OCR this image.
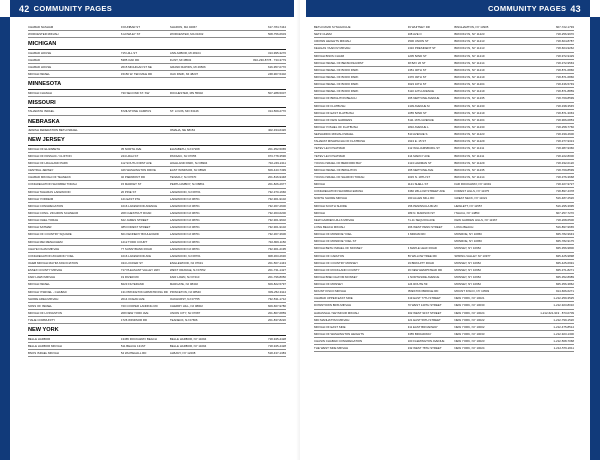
42 COMMUNITY PAGES
CHABAD NASHAM	9 DUNBAR ST	SHARON, MA 02067	617-784-7444
WORCESTER MIKVAH	6 HOWLEY ST	WORCESTER, MA 01602	508-756-6603
MICHIGAN
CHABAD HOUSE	715 HILL ST	ANN ARBOR, MI 48104	313-995-3276
CHABAD	5385 OAK RD	FLINT, MI 48532	810-230-8778 · 733-3779
CHABAD HOUSE	2615 MICHIGAN ST NE	GRAND RAPIDS, MI 49506	616-957-0770
MIKVAH ISRAEL	15150 W. TEN MILE RD	OAK PARK, MI 48237	248-967-5402
MINNESOTA
MIKVAH CHANAH	730 SECOND ST. SW	ROCHESTER, MN 55902	507-288-5007
MISSOURI
TAHARATH ISRAEL	8 MILSTONE CAMPUS	ST. LOUIS, MO 63146	314-569-2770
NEBRASKA
JEWISH FEDERATION BETH ISRAEL	OMAHA, NE 68154	402-334-6426
NEW JERSEY
MIKVAH OF ELIZABETH	35 NORTH AVE	ELIZABETH, NJ 07208	201-352-5065
MIKVAH OF PASSAIC / CLIFTON	244 HIGH ST	PASSAIC, NJ 07055	973-778-3596
MIKVAH OF HIGHLAND PARK	112 SOUTH FIRST AVE	HIGHLAND PARK, NJ 08904	732-249-2411
CENTRAL JERSEY	426 WASHINGTON DRIVE	EAST WINDSOR, NJ 08520	609-443-7499
CHABAD MIKVAH OF TEANECK	40 PIERMONT RD	TENAFLY, NJ 07670	201-816-9448
CONGREGATION SHOMREI TORAH	15 MARKET ST	PERTH AMBOY, NJ 08861	201-826-2977
MIKVAH TAHARAS LAKEWOOD	20 PINE ST	LAKEWOOD, NJ 08701	732-370-1666
MIKVAH YORDEIM	121 EAST 9TH	LAKEWOOD NJ 08701	732-901-9102
MIKVAH CONGREGATION	1016 LAKEWOOD AVENUE	LAKEWOOD NJ 08701	732-367-2600
MIKVAH CONG. ZICHRON SCHNEUR	208 CHESTNUT ROAD	LAKEWOOD NJ 08701	732-363-6200
MIKVAH OHEL TORAH	622 JAMES STREET	LAKEWOOD NJ 08701	732-901-9602
MIKVAH SATMAR	485 FOREST STREET	LAKEWOOD NJ 08701	732-901-9102
MIKVAH OF COUNTRY SQUARE	601 KENNEDY BOULEVARD	LAKEWOOD NJ 08701	732-367-3606
MIKVAH MEI MENACHEM	1212 TODD COURT	LAKEWOOD NJ 08701	732-806-1150
CHAYEI OLAM MIKVAH	77 SUNNYBANK ROAD	LAKEWOOD NJ 08701	732-901-2195
CONGREGATION ZICHRON YOEL	1016 LAKEWOOD AVE	LAKEWOOD, NJ 08701	908-363-2630
OHEB MIKVAH MAYIM ASSOCIATION	434 LOCKER ST	ENGLEWOOD, NJ 07631	201-567-1443
ESSEX COUNTY MIKVAH	717 PLEASANT VALLEY WAY	WEST ORANGE, NJ 07052	201-731-1427
FAIR LAWN MIKVAH	19 RIVER RD	FAIR LAWN, NJ 07410	201-796-8050
MIKVAH ISRAEL	8223 FILTERAND	MARGATE, NJ 08402	609-822-5797
MIKVAH YISROEL - CHABAD	131 PRINCETON ARMSTRONG RD PRINCETON, NJ 08540	609-252-9114
SHORE AREA MIKVAH	2014 OCEAN AVE	OAKHURST, NJ 07755	732-531-1712
SONS OF ISRAEL	720 COOPER LANDING RD	CHERRY HILL, NJ 08002	609-667-9780
MIKVAH OF LIVINGSTON	208 NEW YORK AVE	UNION CITY, NJ 07087	201-867-6859
TIAHE COMMUNITY	1726 WINDSOR RD	TEANECK, NJ 07666	201-837-8220
NEW YORK
BELLE HARBOR	13465 ROCKAWAY BEACH	BELLE HARBOR, NY 11694	718-945-4428
BELLE HARBOR MIKVAH	511 BEACH 131ST	BELLE HARBOR, NY 11694	718-945-4428
BNOS ISRAEL MIKVAH	54 WHITEHALL RD	ALBANY, NY 12208	518-437-1383
COMMUNITY PAGES 43
BETH DAVID SYNAGOGUE	49 WHITNEY DR	BINGHAMTON, NY 13905	607-722-1793
NETZ CHAIM	208 AVE O	BROOKLYN, NY 11223	718-256-9970
CROWN HEIGHTS MIKVAH	1506 UNION ST	BROOKLYN, NY 11213	718-604-8787
KEHILAS YAAKOV MIKVAH	1316 PRESIDENT ST	BROOKLYN, NY 11213	718-604-9262
MIKVAH BNOS CHAIM	1205 52ND ST	BROOKLYN, NY 11219	718-972-9429
MIKVAH ISRAEL OF BENSONHURST	48 BAY 26 ST	BROOKLYN, NY 11214	718-372-9563
MIKVAH ISRAEL OF BORO PARK	1351 46TH ST	BROOKLYN, NY 11219	718-871-6866
MIKVAH ISRAEL OF BORO PARK	1376 49TH ST	BROOKLYN, NY 11219	718-871-6866
MIKVAH ISRAEL OF BORO PARK	4623 16TH ST	BROOKLYN, NY 11204	718-436-5749
MIKVAH ISRAEL OF BORO PARK	5110 12TH AVENUE	BROOKLYN, NY 11219	718-871-8859
MIKVAH OF BRIGHTON BEACH	265 NEPTUNE AVENUE	BROOKLYN, NY 11235	718-769-8599
MIKVAH OF FLATBUSH	2109 AVENUE M	BROOKLYN, NY 11230	718-338-3545
MIKVAH OF EAST FLATBUSH	1055 52ND ST	BROOKLYN, NY 11219	718-871-3063
MIKVAH OF KEW GARDENS	5111 16TH AVENUE	BROOKLYN, NY 11204	718-966-0853
MIKVAH YOSHEL OF FLATBUSH	1810 AVENUE L	BROOKLYN, NY 11230	718-258-7766
SEPHARDIC MIKVAH ISRAEL	810 AVENUE S	BROOKLYN, NY 11223	718-339-4600
TAHARAT MISHPACHA OF FLATBUSH	1913 E. 15 ST	BROOKLYN, NY 11229	718-377-9313
YETEV LEV D'SATMAR	212 WILLIAMSBURG ST	BROOKLYN, NY 11211	718-387-9366
YETEV LEV D'SATMAR	314 MARCY AVE	BROOKLYN, NY 11211	718-222-8000
YOUNG ISRAEL OF BEDFORD BAY	2113 HARMAN ST	BROOKLYN, NY 11229	718-332-0120
MIKVAH ISRAEL OF BRIGHTON	265 NEPTUNE AVE	BROOKLYN, NY 11235	718-769-8599
YOUNG ISRAEL OF SHARON TORAH	2015 N. 18TH ST	BROOKLYN, NY 11214	718-376-3668
MIKVAH	1121 SHELL ST	FAR ROCKAWAY, NY 11691	718-327-9727
CONGREGATION SHOMRAI EMUNA	4360 WILLOW STREET AVE	FOREST HILLS, NY 11375	718-897-4378
NORTH SHORE MIKVAH	160 ALLEN MILL RD	GREAT NECK, NY 11021	516-487-2526
MIKVAH SOUTH SHORE	156 PENINSULA BLVD	HEWLETT, NY 11557	516-295-3995
MIKVAH	289 N. MADISON ST	ITHACA, NY 14850	607-257-7270
KEW GARDEN HILLS MIKVAH	71-11 SEQUOIA AVE	KEW GARDEN HILLS, NY 11367	718-268-6500
LONG BEACH MIKVAH	266 WEST PENN STREET	LONG BEACH	516-897-9665
MIKVAH OF MONROE YOEL	4 MIRIAM RD	MONROE, NY 10950	845-782-9643
MIKVAH OF MONROE YOEL ST	MONROE, NY 10950	845-782-9175
MIKVAH BETH ISRAEL OF MONSEY	4 MAPLE LEAF ROAD	MONSEY, NY 10952	845-356-9800
MIKVAH OF CARLTON	86 WILLOW TREE RD	SPRING VALLEY NY 10977	845-425-9898
MIKVAH OF COUNTRY MONSEY	19 BIRCHITT ROAD	MONSEY, NY 10952	845-425-6991
MIKVAH OF ROCKLAND COUNTY	26 NEW HEMPSTEAD RD	MONSEY, NY 10952	845-371-8271
MIKVAH BNEI CHAYIM MONSEY	1 NORTHSIDE AVENUE	MONSEY, NY 10952	845-352-8989
MIKVAH OF MONSEY	124 ROUTE 59	MONSEY, NY 10952	845-356-3862
MOUNT KISCO MIKVAH	PRESTON BRIDGE RD	MOUNT KISCO, NY 10549	914-666-6271
CHABAD UPPER EAST SIDE	419 EAST 77TH STREET	NEW YORK, NY 10021	1-212-259-3525
DOWNTOWN BRIS MIKVAH	70 WEST 140TH STREET	NEW YORK, NY 10030	1-212-923-8010
HADASSAH / SEYMOUR MIKVAH	302 WEST 91ST STREET	NEW YORK, NY 10024	1-212-621-919 · 873-0709
MID MANHATTAN MIKVAH	221 EAST 59TH STREET	NEW YORK, NY 10022	1-212-799-1520
MIKVAH OF EAST SIDE	311 EAST BROADWAY	NEW YORK, NY 10002	1-212-475-8514
MIKVAH OF WASHINGTON HEIGHTS	4355 BROADWAY	NEW YORK, NY 10033	1-212-923-1300
CHASIN CHABAD CONGREGATION	100 FLEMINGTON AVENUE	NEW YORK, NY 10023	1-212-568-7068
THE WEST SIDE MIKVAH	232 WEST 78TH STREET	NEW YORK, NY 10024	1-212-579-2011
